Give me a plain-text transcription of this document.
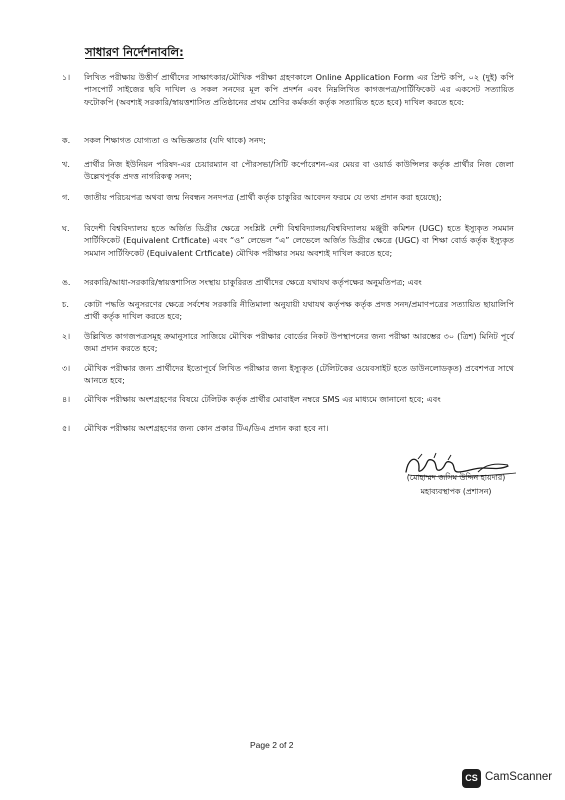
সাধারণ নির্দেশনাবলি:
১।	লিখিত পরীক্ষায় উত্তীর্ণ প্রার্থীদের সাক্ষাৎকার/মৌখিক পরীক্ষা গ্রহণকালে Online Application Form এর প্রিন্ট কপি, ০২ (দুই) কপি পাসপোর্ট সাইজের ছবি দাখিল ও সকল সনদের মূল কপি প্রদর্শন এবং নিম্নলিখিত কাগজপত্র/সার্টিফিকেট এর একসেট সত্যায়িত ফটোকপি (অবশ্যই সরকারি/স্বায়ত্তশাসিত প্রতিষ্ঠানের প্রথম শ্রেণির কর্মকর্তা কর্তৃক সত্যায়িত হতে হবে) দাখিল করতে হবে:
ক.	সকল শিক্ষাগত যোগ্যতা ও অভিজ্ঞতার (যদি থাকে) সনদ;
খ.	প্রার্থীর নিজ ইউনিয়ন পরিষদ-এর চেয়ারম্যান বা পৌরসভা/সিটি কর্পোরেশন-এর মেয়র বা ওয়ার্ড কাউন্সিলর কর্তৃক প্রার্থীর নিজ জেলা উল্লেখপূর্বক প্রদত্ত নাগরিকত্ব সনদ;
গ.	জাতীয় পরিচয়পত্র অথবা জন্ম নিবন্ধন সনদপত্র (প্রার্থী কর্তৃক চাকুরির আবেদন ফরমে যে তথ্য প্রদান করা হয়েছে);
ঘ.	বিদেশী বিশ্ববিদ্যালয় হতে অর্জিত ডিগ্রীর ক্ষেত্রে সংশ্লিষ্ট দেশী বিশ্ববিদ্যালয়/বিশ্ববিদ্যালয় মঞ্জুরী কমিশন (UGC) হতে ইস্যুকৃত সমমান সার্টিফিকেট (Equivalent Crtficate) এবং “ও” লেভেল “এ” লেভেলে অর্জিত ডিগ্রীর ক্ষেত্রে (UGC) বা শিক্ষা বোর্ড কর্তৃক ইস্যুকৃত সমমান সার্টিফিকেট (Equivalent Crtficate) মৌখিক পরীক্ষার সময় অবশ্যই দাখিল করতে হবে;
ঙ.	সরকারি/আধা-সরকারি/স্বায়ত্তশাসিত সংস্থায় চাকুরিরত প্রার্থীদের ক্ষেত্রে যথাযথ কর্তৃপক্ষের অনুমতিপত্র; এবং
চ.	কোটা পদ্ধতি অনুসরণের ক্ষেত্রে সর্বশেষ সরকারি নীতিমালা অনুযায়ী যথাযথ কর্তৃপক্ষ কর্তৃক প্রদত্ত সনদ/প্রমাণপত্রের সত্যায়িত ছায়ালিপি প্রার্থী কর্তৃক দাখিল করতে হবে;
২।	উল্লিখিত কাগজপত্রসমূহ ক্রমানুসারে সাজিয়ে মৌখিক পরীক্ষার বোর্ডের নিকট উপস্থাপনের জন্য পরীক্ষা আরম্ভের ৩০ (ত্রিশ) মিনিট পূর্বে জমা প্রদান করতে হবে;
৩।	মৌখিক পরীক্ষার জন্য প্রার্থীদের ইতোপূর্বে লিখিত পরীক্ষার জন্য ইস্যুকৃত (টেলিটকের ওয়েবসাইট হতে ডাউনলোডকৃত) প্রবেশপত্র সাথে আনতে হবে;
৪।	মৌখিক পরীক্ষায় অংশগ্রহণের বিষয়ে টেলিটক কর্তৃক প্রার্থীর মোবাইল নম্বরে SMS এর মাধ্যমে জানানো হবে; এবং
৫।	মৌখিক পরীক্ষায় অংশগ্রহণের জন্য কোন প্রকার টিএ/ডিএ প্রদান করা হবে না।
(মোহাম্মদ জসিম উদ্দিন হায়দার)
মহাব্যবস্থাপক (প্রশাসন)
Page 2 of 2
CS CamScanner
